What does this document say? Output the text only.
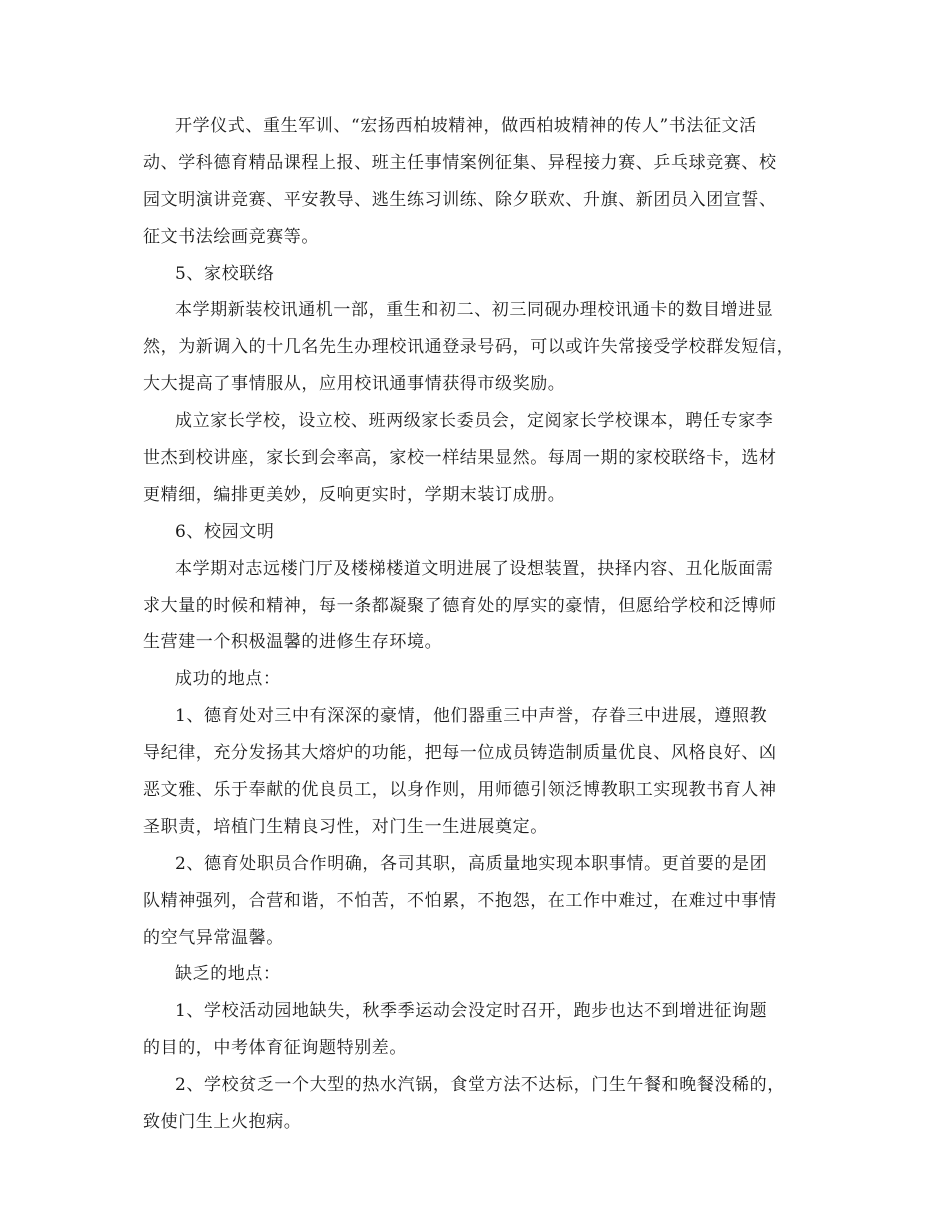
开学仪式、重生军训、“宏扬西柏坡精神，做西柏坡精神的传人”书法征文活
动、学科德育精品课程上报、班主任事情案例征集、异程接力赛、乒乓球竞赛、校
园文明演讲竞赛、平安教导、逃生练习训练、除夕联欢、升旗、新团员入团宣誓、
征文书法绘画竞赛等。
5、家校联络
本学期新装校讯通机一部，重生和初二、初三同砚办理校讯通卡的数目增进显
然，为新调入的十几名先生办理校讯通登录号码，可以或许失常接受学校群发短信，
大大提高了事情服从，应用校讯通事情获得市级奖励。
成立家长学校，设立校、班两级家长委员会，定阅家长学校课本，聘任专家李
世杰到校讲座，家长到会率高，家校一样结果显然。每周一期的家校联络卡，选材
更精细，编排更美妙，反响更实时，学期末装订成册。
6、校园文明
本学期对志远楼门厅及楼梯楼道文明进展了设想装置，抉择内容、丑化版面需
求大量的时候和精神，每一条都凝聚了德育处的厚实的豪情，但愿给学校和泛博师
生营建一个积极温馨的进修生存环境。
成功的地点：
1、德育处对三中有深深的豪情，他们器重三中声誉，存眷三中进展，遵照教
导纪律，充分发扬其大熔炉的功能，把每一位成员铸造制质量优良、风格良好、凶
恶文雅、乐于奉献的优良员工，以身作则，用师德引领泛博教职工实现教书育人神
圣职责，培植门生精良习性，对门生一生进展奠定。
2、德育处职员合作明确，各司其职，高质量地实现本职事情。更首要的是团
队精神强列，合营和谐，不怕苦，不怕累，不抱怨，在工作中难过，在难过中事情
的空气异常温馨。
缺乏的地点：
1、学校活动园地缺失，秋季季运动会没定时召开，跑步也达不到增进征询题
的目的，中考体育征询题特别差。
2、学校贫乏一个大型的热水汽锅，食堂方法不达标，门生午餐和晚餐没稀的，
致使门生上火抱病。
